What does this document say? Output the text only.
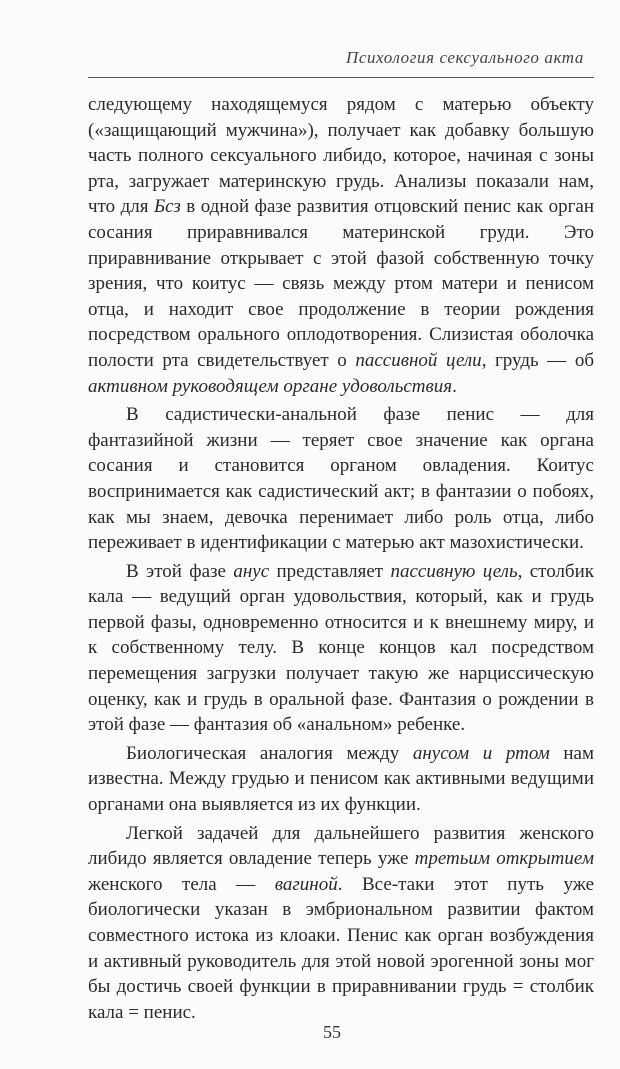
Психология сексуального акта

следующему находящемуся рядом с матерью объекту («защищающий мужчина»), получает как добавку большую часть полного сексуального либидо, которое, начиная с зоны рта, загружает материнскую грудь. Анализы показали нам, что для Бсз в одной фазе развития отцовский пенис как орган сосания приравнивался материнской груди. Это приравнивание открывает с этой фазой собственную точку зрения, что коитус — связь между ртом матери и пенисом отца, и находит свое продолжение в теории рождения посредством орального оплодотворения. Слизистая оболочка полости рта свидетельствует о пассивной цели, грудь — об активном руководящем органе удовольствия.

В садистически-анальной фазе пенис — для фантазийной жизни — теряет свое значение как органа сосания и становится органом овладения. Коитус воспринимается как садистический акт; в фантазии о побоях, как мы знаем, девочка перенимает либо роль отца, либо переживает в идентификации с матерью акт мазохистически.

В этой фазе анус представляет пассивную цель, столбик кала — ведущий орган удовольствия, который, как и грудь первой фазы, одновременно относится и к внешнему миру, и к собственному телу. В конце концов кал посредством перемещения загрузки получает такую же нарциссическую оценку, как и грудь в оральной фазе. Фантазия о рождении в этой фазе — фантазия об «анальном» ребенке.

Биологическая аналогия между анусом и ртом нам известна. Между грудью и пенисом как активными ведущими органами она выявляется из их функции.

Легкой задачей для дальнейшего развития женского либидо является овладение теперь уже третьим открытием женского тела — вагиной. Все-таки этот путь уже биологически указан в эмбриональном развитии фактом совместного истока из клоаки. Пенис как орган возбуждения и активный руководитель для этой новой эрогенной зоны мог бы достичь своей функции в приравнивании грудь = столбик кала = пенис.

55
